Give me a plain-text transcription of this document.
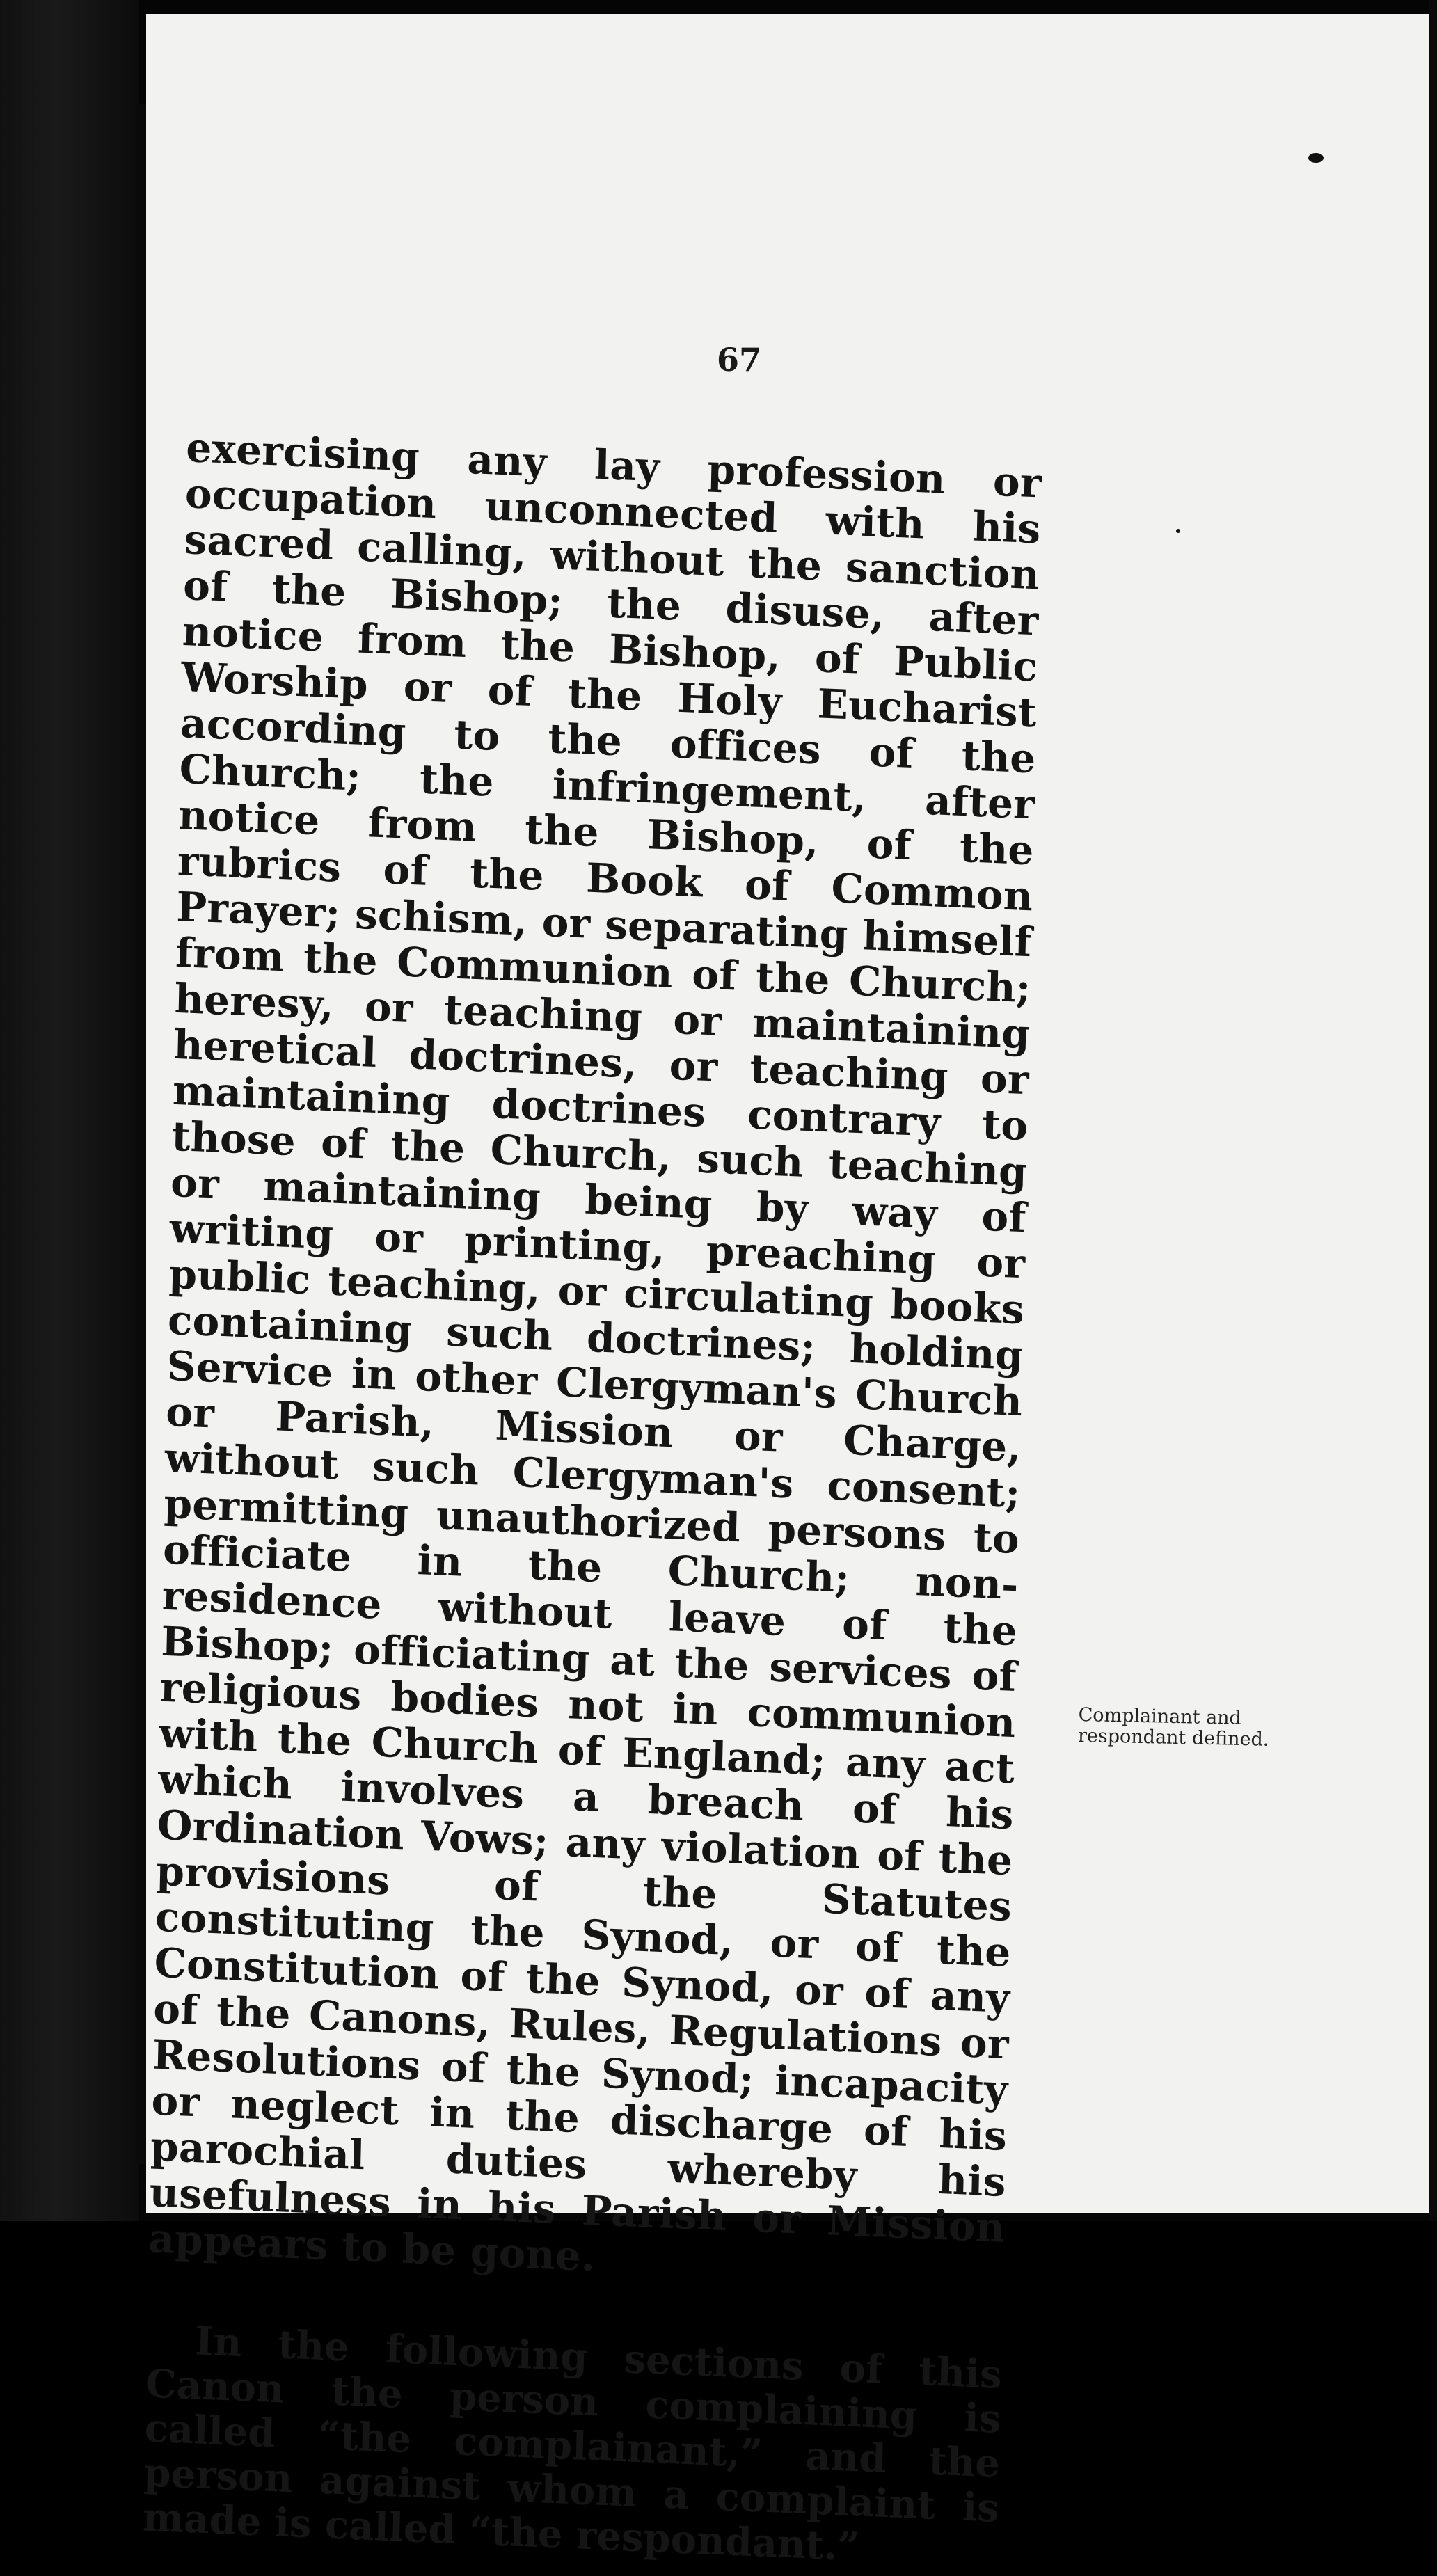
67

exercising any lay profession or occupation unconnected with his sacred calling, without the sanction of the Bishop; the disuse, after notice from the Bishop, of Public Worship or of the Holy Eucharist according to the offices of the Church; the infringement, after notice from the Bishop, of the rubrics of the Book of Common Prayer; schism, or separating himself from the Communion of the Church; heresy, or teaching or maintaining heretical doctrines, or teaching or maintaining doctrines contrary to those of the Church, such teaching or maintaining being by way of writing or printing, preaching or public teaching, or circulating books containing such doctrines; holding Service in other Clergyman's Church or Parish, Mission or Charge, without such Clergyman's consent; permitting unauthorized persons to officiate in the Church; non-residence without leave of the Bishop; officiating at the services of religious bodies not in communion with the Church of England; any act which involves a breach of his Ordination Vows; any violation of the provisions of the Statutes constituting the Synod, or of the Constitution of the Synod, or of any of the Canons, Rules, Regulations or Resolutions of the Synod; incapacity or neglect in the discharge of his parochial duties whereby his usefulness in his Parish or Mission appears to be gone.

In the following sections of this Canon the person complaining is called “the complainant,” and the person against whom a complaint is made is called “the respondant.”

Complainant and respondant defined.
